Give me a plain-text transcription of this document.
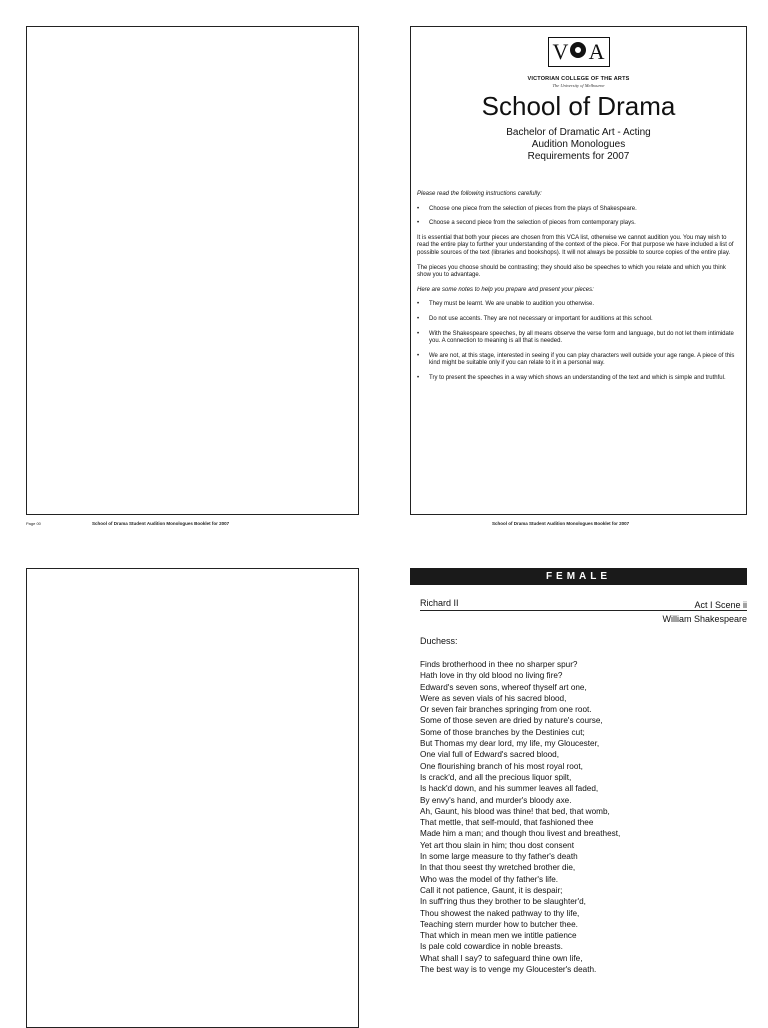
Page 00	School of Drama Student Audition Monologues Booklet for 2007
V A
VICTORIAN COLLEGE OF THE ARTS
The University of Melbourne
School of Drama
Bachelor of Dramatic Art - Acting
Audition Monologues
Requirements for 2007

Please read the following instructions carefully:

• Choose one piece from the selection of pieces from the plays of Shakespeare.
• Choose a second piece from the selection of pieces from contemporary plays.

It is essential that both your pieces are chosen from this VCA list, otherwise we cannot audition you. You may wish to read the entire play to further your understanding of the context of the piece. For that purpose we have included a list of possible sources of the text (libraries and bookshops). It will not always be possible to source copies of the entire play.

The pieces you choose should be contrasting; they should also be speeches to which you relate and which you think show you to advantage.

Here are some notes to help you prepare and present your pieces:

• They must be learnt. We are unable to audition you otherwise.
• Do not use accents. They are not necessary or important for auditions at this school.
• With the Shakespeare speeches, by all means observe the verse form and language, but do not let them intimidate you. A connection to meaning is all that is needed.
• We are not, at this stage, interested in seeing if you can play characters well outside your age range. A piece of this kind might be suitable only if you can relate to it in a personal way.
• Try to present the speeches in a way which shows an understanding of the text and which is simple and truthful.
School of Drama Student Audition Monologues Booklet for 2007
FEMALE
Richard II	Act I Scene ii
William Shakespeare
Duchess:
Finds brotherhood in thee no sharper spur?
Hath love in thy old blood no living fire?
Edward's seven sons, whereof thyself art one,
Were as seven vials of his sacred blood,
Or seven fair branches springing from one root.
Some of those seven are dried by nature's course,
Some of those branches by the Destinies cut;
But Thomas my dear lord, my life, my Gloucester,
One vial full of Edward's sacred blood,
One flourishing branch of his most royal root,
Is crack'd, and all the precious liquor spilt,
Is hack'd down, and his summer leaves all faded,
By envy's hand, and murder's bloody axe.
Ah, Gaunt, his blood was thine! that bed, that womb,
That mettle, that self-mould, that fashioned thee
Made him a man; and though thou livest and breathest,
Yet art thou slain in him; thou dost consent
In some large measure to thy father's death
In that thou seest thy wretched brother die,
Who was the model of thy father's life.
Call it not patience, Gaunt, it is despair;
In suff'ring thus they brother to be slaughter'd,
Thou showest the naked pathway to thy life,
Teaching stern murder how to butcher thee.
That which in mean men we intitle patience
Is pale cold cowardice in noble breasts.
What shall I say? to safeguard thine own life,
The best way is to venge my Gloucester's death.
